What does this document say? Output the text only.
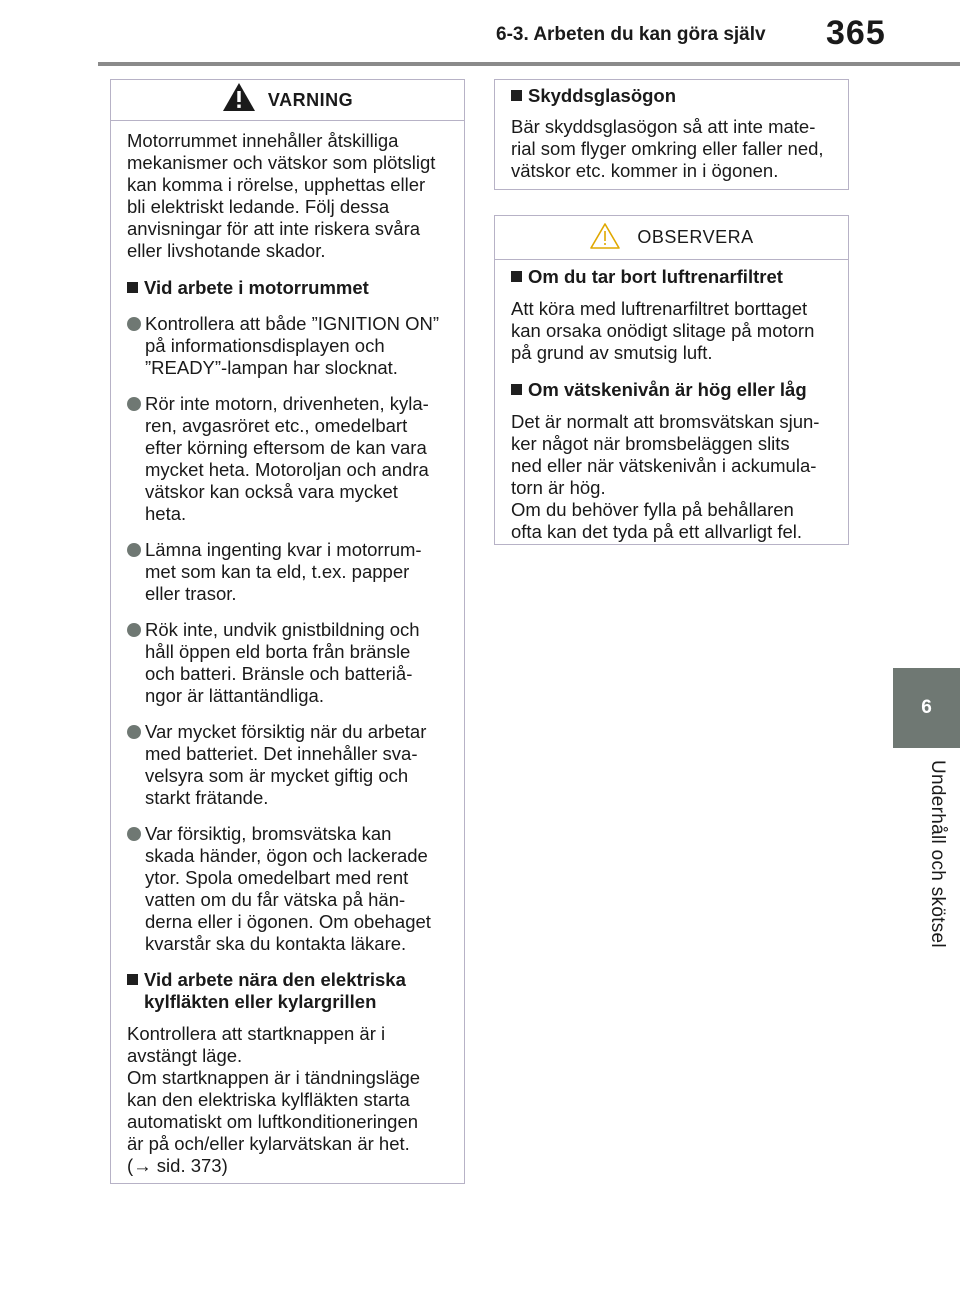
6-3. Arbeten du kan göra själv 365
6
Underhåll och skötsel
VARNING

Motorrummet innehåller åtskilliga
mekanismer och vätskor som plötsligt
kan komma i rörelse, upphettas eller
bli elektriskt ledande. Följ dessa
anvisningar för att inte riskera svåra
eller livshotande skador.

Vid arbete i motorrummet
Kontrollera att både ”IGNITION ON”
på informationsdisplayen och
”READY”-lampan har slocknat.
Rör inte motorn, drivenheten, kyla-
ren, avgasröret etc., omedelbart
efter körning eftersom de kan vara
mycket heta. Motoroljan och andra
vätskor kan också vara mycket
heta.
Lämna ingenting kvar i motorrum-
met som kan ta eld, t.ex. papper
eller trasor.
Rök inte, undvik gnistbildning och
håll öppen eld borta från bränsle
och batteri. Bränsle och batteriå-
ngor är lättantändliga.
Var mycket försiktig när du arbetar
med batteriet. Det innehåller sva-
velsyra som är mycket giftig och
starkt frätande.
Var försiktig, bromsvätska kan
skada händer, ögon och lackerade
ytor. Spola omedelbart med rent
vatten om du får vätska på hän-
derna eller i ögonen. Om obehaget
kvarstår ska du kontakta läkare.
Vid arbete nära den elektriska
kylfläkten eller kylargrillen

Kontrollera att startknappen är i
avstängt läge.
Om startknappen är i tändningsläge
kan den elektriska kylfläkten starta
automatiskt om luftkonditioneringen
är på och/eller kylarvätskan är het.
(→ sid. 373)

Skyddsglasögon

Bär skyddsglasögon så att inte mate-
rial som flyger omkring eller faller ned,
vätskor etc. kommer in i ögonen.

OBSERVERA
Om du tar bort luftrenarfiltret

Att köra med luftrenarfiltret borttaget
kan orsaka onödigt slitage på motorn
på grund av smutsig luft.

Om vätskenivån är hög eller låg

Det är normalt att bromsvätskan sjun-
ker något när bromsbeläggen slits
ned eller när vätskenivån i ackumula-
torn är hög.
Om du behöver fylla på behållaren
ofta kan det tyda på ett allvarligt fel.
